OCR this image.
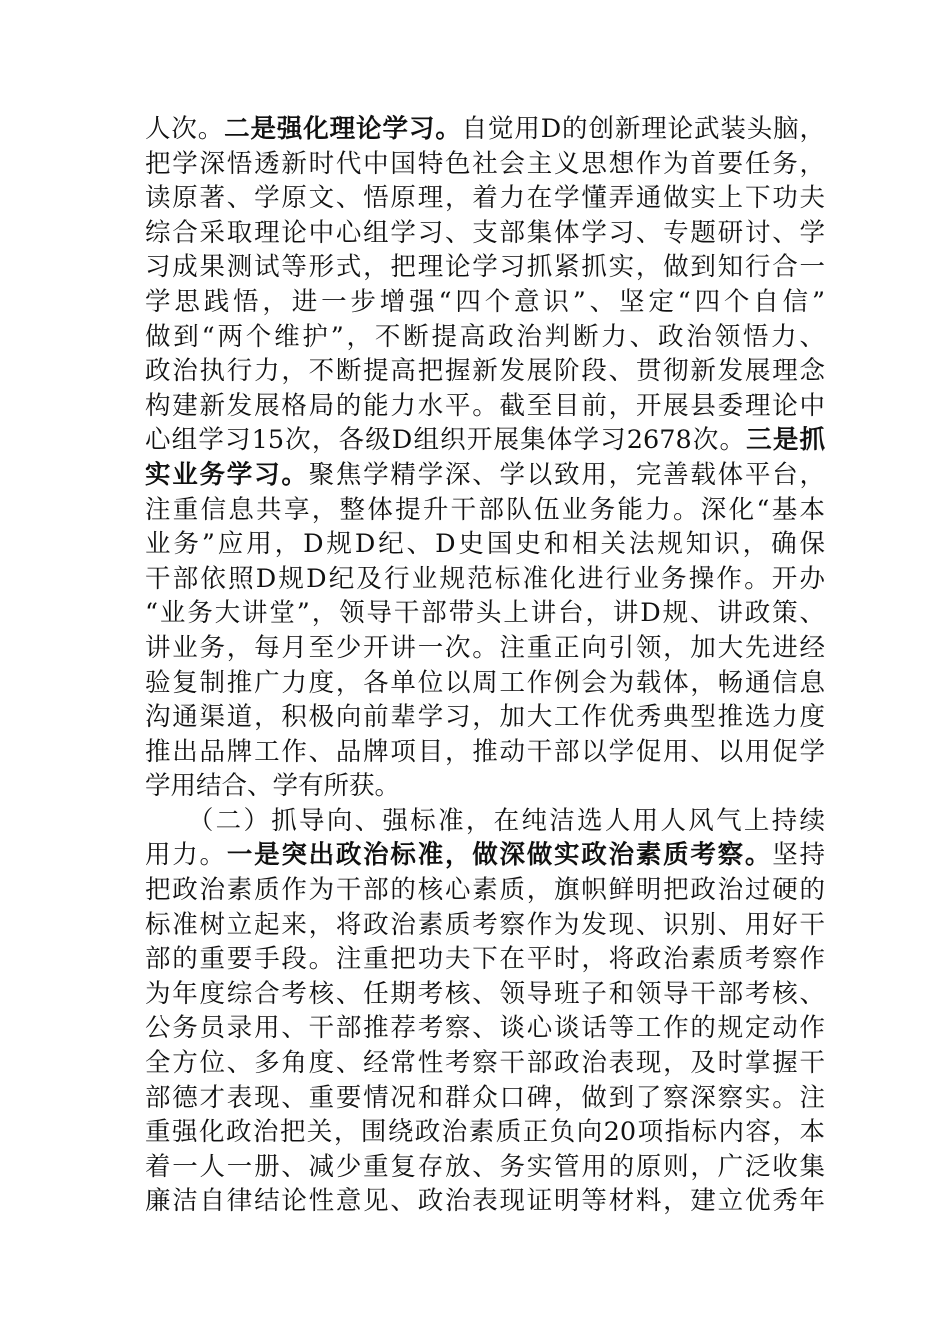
人次。二是强化理论学习。自觉用D的创新理论武装头脑，
把学深悟透新时代中国特色社会主义思想作为首要任务，
读原著、学原文、悟原理，着力在学懂弄通做实上下功夫
综合采取理论中心组学习、支部集体学习、专题研讨、学
习成果测试等形式，把理论学习抓紧抓实，做到知行合一
学思践悟，进一步增强“四个意识”、坚定“四个自信”
做到“两个维护”，不断提高政治判断力、政治领悟力、
政治执行力，不断提高把握新发展阶段、贯彻新发展理念
构建新发展格局的能力水平。截至目前，开展县委理论中
心组学习15次，各级D组织开展集体学习2678次。三是抓
实业务学习。聚焦学精学深、学以致用，完善载体平台，
注重信息共享，整体提升干部队伍业务能力。深化“基本
业务”应用，D规D纪、D史国史和相关法规知识，确保
干部依照D规D纪及行业规范标准化进行业务操作。开办
“业务大讲堂”，领导干部带头上讲台，讲D规、讲政策、
讲业务，每月至少开讲一次。注重正向引领，加大先进经
验复制推广力度，各单位以周工作例会为载体，畅通信息
沟通渠道，积极向前辈学习，加大工作优秀典型推选力度
推出品牌工作、品牌项目，推动干部以学促用、以用促学
学用结合、学有所获。
　　（二）抓导向、强标准，在纯洁选人用人风气上持续
用力。一是突出政治标准，做深做实政治素质考察。坚持
把政治素质作为干部的核心素质，旗帜鲜明把政治过硬的
标准树立起来，将政治素质考察作为发现、识别、用好干
部的重要手段。注重把功夫下在平时，将政治素质考察作
为年度综合考核、任期考核、领导班子和领导干部考核、
公务员录用、干部推荐考察、谈心谈话等工作的规定动作
全方位、多角度、经常性考察干部政治表现，及时掌握干
部德才表现、重要情况和群众口碑，做到了察深察实。注
重强化政治把关，围绕政治素质正负向20项指标内容，本
着一人一册、减少重复存放、务实管用的原则，广泛收集
廉洁自律结论性意见、政治表现证明等材料，建立优秀年
